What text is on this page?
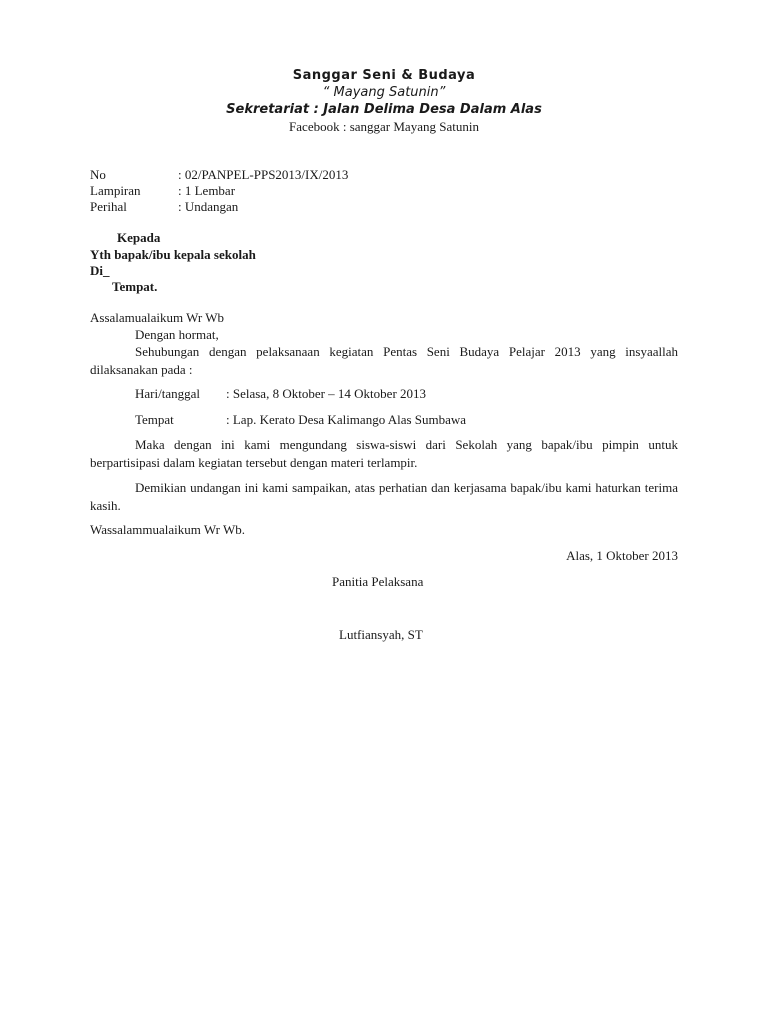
Sanggar Seni & Budaya
“ Mayang Satunin”
Sekretariat : Jalan Delima Desa Dalam Alas
Facebook : sanggar Mayang Satunin
No	: 02/PANPEL-PPS2013/IX/2013
Lampiran	: 1 Lembar
Perihal	: Undangan
Kepada
Yth bapak/ibu kepala sekolah
Di_
Tempat.
Assalamualaikum Wr Wb
Dengan hormat,
Sehubungan dengan pelaksanaan kegiatan Pentas Seni Budaya Pelajar 2013 yang insyaallah dilaksanakan pada :
Hari/tanggal : Selasa, 8 Oktober – 14 Oktober 2013
Tempat	: Lap. Kerato Desa Kalimango Alas Sumbawa
Maka dengan ini kami mengundang siswa-siswi dari Sekolah yang bapak/ibu pimpin untuk berpartisipasi dalam kegiatan tersebut dengan materi terlampir.
Demikian undangan ini kami sampaikan, atas perhatian dan kerjasama bapak/ibu kami haturkan terima kasih.
Wassalammualaikum Wr Wb.
Alas, 1 Oktober 2013
Panitia Pelaksana
Lutfiansyah, ST
